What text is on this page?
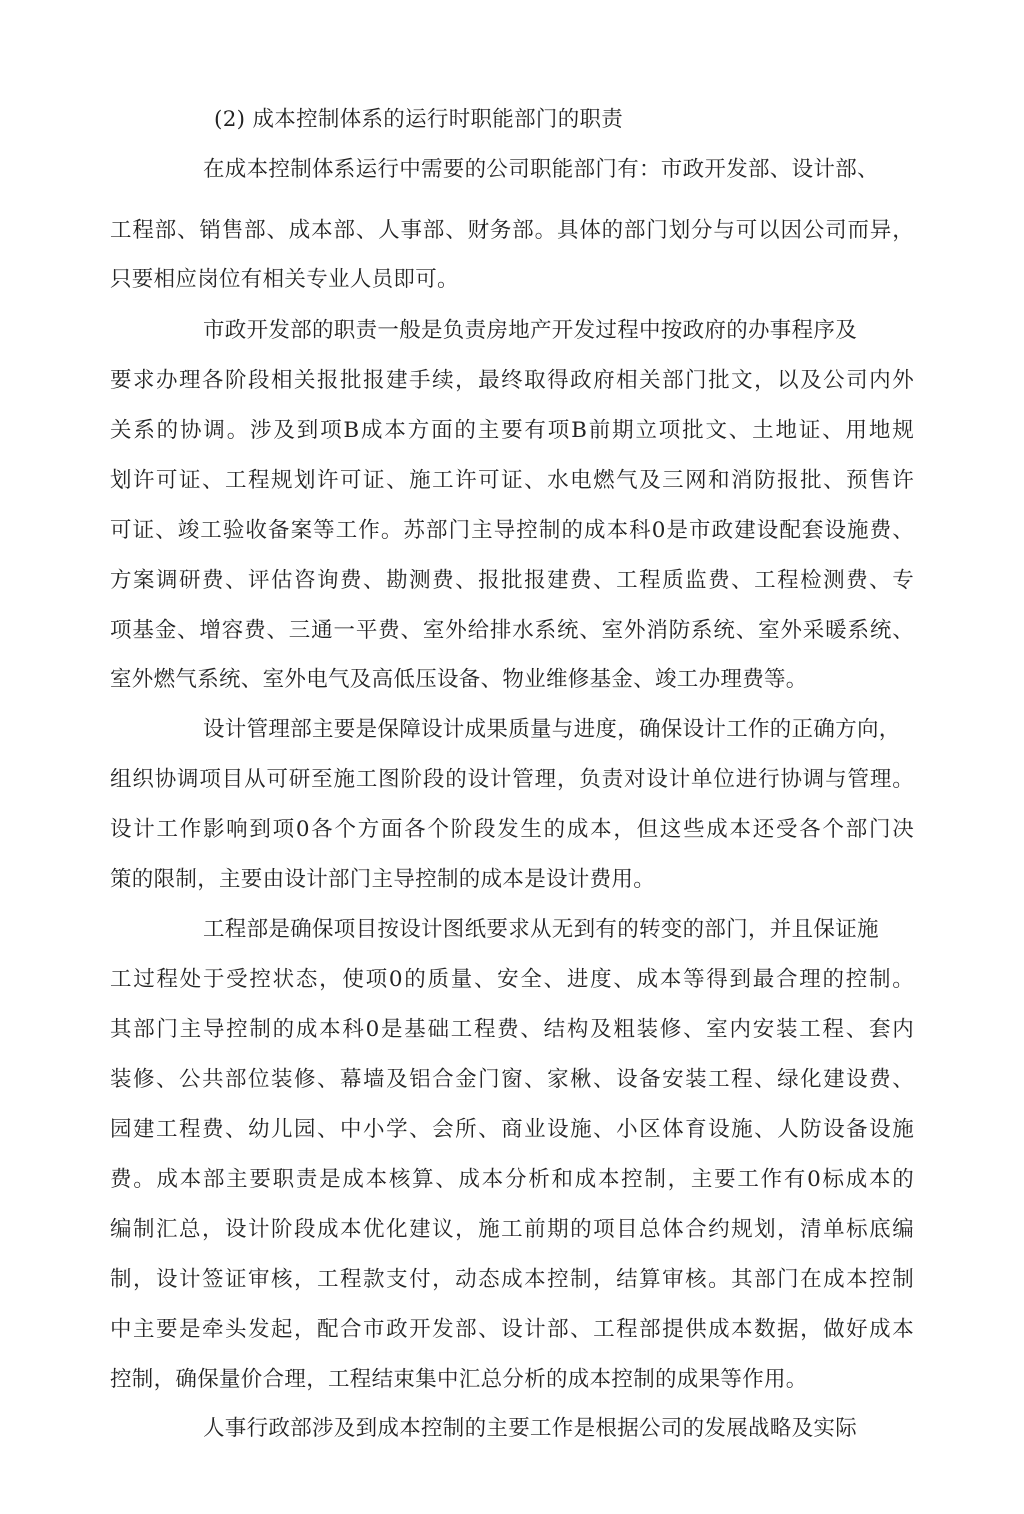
(2) 成本控制体系的运行时职能部门的职责
在成本控制体系运行中需要的公司职能部门有：市政开发部、设计部、
工程部、销售部、成本部、人事部、财务部。具体的部门划分与可以因公司而异，
只要相应岗位有相关专业人员即可。
市政开发部的职责一般是负责房地产开发过程中按政府的办事程序及
要求办理各阶段相关报批报建手续，最终取得政府相关部门批文，以及公司内外
关系的协调。涉及到项B成本方面的主要有项B前期立项批文、土地证、用地规
划许可证、工程规划许可证、施工许可证、水电燃气及三网和消防报批、预售许
可证、竣工验收备案等工作。苏部门主导控制的成本科0是市政建设配套设施费、
方案调研费、评估咨询费、勘测费、报批报建费、工程质监费、工程检测费、专
项基金、增容费、三通一平费、室外给排水系统、室外消防系统、室外采暖系统、
室外燃气系统、室外电气及高低压设备、物业维修基金、竣工办理费等。
设计管理部主要是保障设计成果质量与进度，确保设计工作的正确方向，
组织协调项目从可研至施工图阶段的设计管理，负责对设计单位进行协调与管理。
设计工作影响到项0各个方面各个阶段发生的成本，但这些成本还受各个部门决
策的限制，主要由设计部门主导控制的成本是设计费用。
工程部是确保项目按设计图纸要求从无到有的转变的部门，并且保证施
工过程处于受控状态，使项0的质量、安全、进度、成本等得到最合理的控制。
其部门主导控制的成本科0是基础工程费、结构及粗装修、室内安装工程、套内
装修、公共部位装修、幕墙及铝合金门窗、家楸、设备安装工程、绿化建设费、
园建工程费、幼儿园、中小学、会所、商业设施、小区体育设施、人防设备设施
费。成本部主要职责是成本核算、成本分析和成本控制，主要工作有0标成本的
编制汇总，设计阶段成本优化建议，施工前期的项目总体合约规划，清单标底编
制，设计签证审核，工程款支付，动态成本控制，结算审核。其部门在成本控制
中主要是牵头发起，配合市政开发部、设计部、工程部提供成本数据，做好成本
控制，确保量价合理，工程结束集中汇总分析的成本控制的成果等作用。
人事行政部涉及到成本控制的主要工作是根据公司的发展战略及实际
